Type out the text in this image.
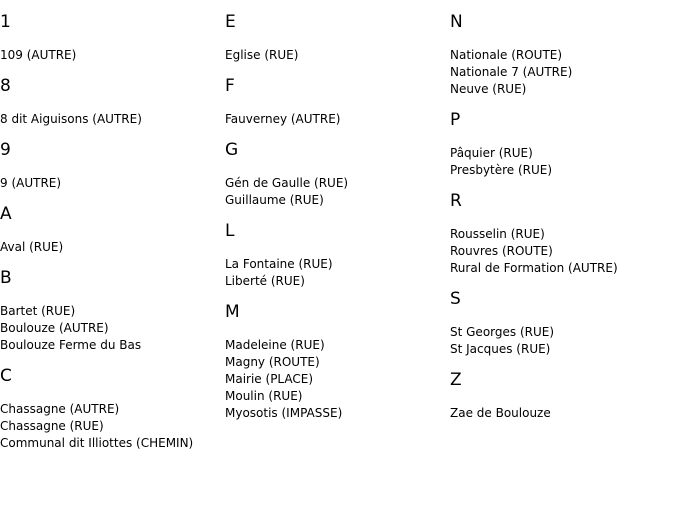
1
109 (AUTRE)
8
8 dit Aiguisons (AUTRE)
9
9 (AUTRE)
A
Aval (RUE)
B
Bartet (RUE)
Boulouze (AUTRE)
Boulouze Ferme du Bas
C
Chassagne (AUTRE)
Chassagne (RUE)
Communal dit Illiottes (CHEMIN)
E
Eglise (RUE)
F
Fauverney (AUTRE)
G
Gén de Gaulle (RUE)
Guillaume (RUE)
L
La Fontaine (RUE)
Liberté (RUE)
M
Madeleine (RUE)
Magny (ROUTE)
Mairie (PLACE)
Moulin (RUE)
Myosotis (IMPASSE)
N
Nationale (ROUTE)
Nationale 7 (AUTRE)
Neuve (RUE)
P
Pâquier (RUE)
Presbytère (RUE)
R
Rousselin (RUE)
Rouvres (ROUTE)
Rural de Formation (AUTRE)
S
St Georges (RUE)
St Jacques (RUE)
Z
Zae de Boulouze
